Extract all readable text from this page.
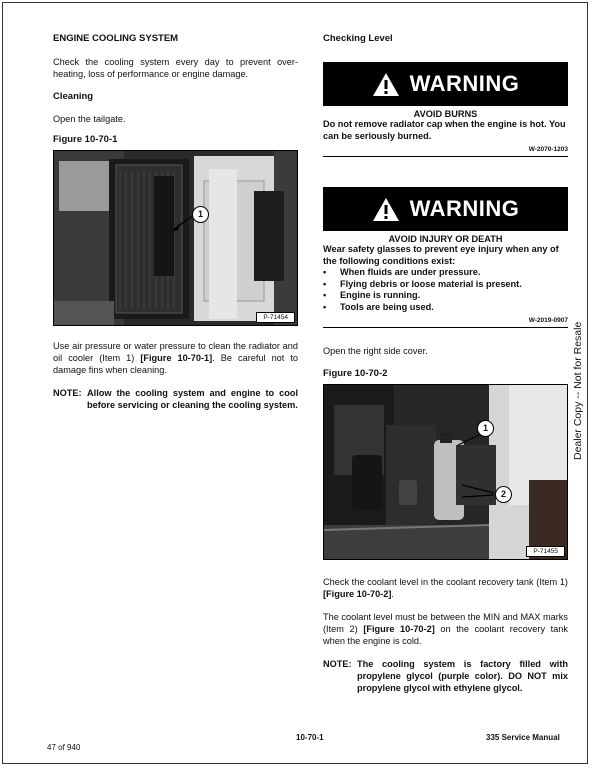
ENGINE COOLING SYSTEM
Check the cooling system every day to prevent over-heating, loss of performance or engine damage.
Cleaning
Open the tailgate.
Figure 10-70-1
1
P-71454
Use air pressure or water pressure to clean the radiator and oil cooler (Item 1) [Figure 10-70-1]. Be careful not to damage fins when cleaning.
NOTE: Allow the cooling system and engine to cool before servicing or cleaning the cooling system.
Checking Level
WARNING
AVOID BURNS
Do not remove radiator cap when the engine is hot. You can be seriously burned.
W-2070-1203
WARNING
AVOID INJURY OR DEATH
Wear safety glasses to prevent eye injury when any of the following conditions exist:
•	When fluids are under pressure.
•	Flying debris or loose material is present.
•	Engine is running.
•	Tools are being used.
W-2019-0907
Open the right side cover.
Figure 10-70-2
1
2
P-71455
Check the coolant level in the coolant recovery tank (Item 1) [Figure 10-70-2].
The coolant level must be between the MIN and MAX marks (Item 2) [Figure 10-70-2] on the coolant recovery tank when the engine is cold.
NOTE: The cooling system is factory filled with propylene glycol (purple color). DO NOT mix propylene glycol with ethylene glycol.
Dealer Copy -- Not for Resale
10-70-1	335 Service Manual
47 of 940
